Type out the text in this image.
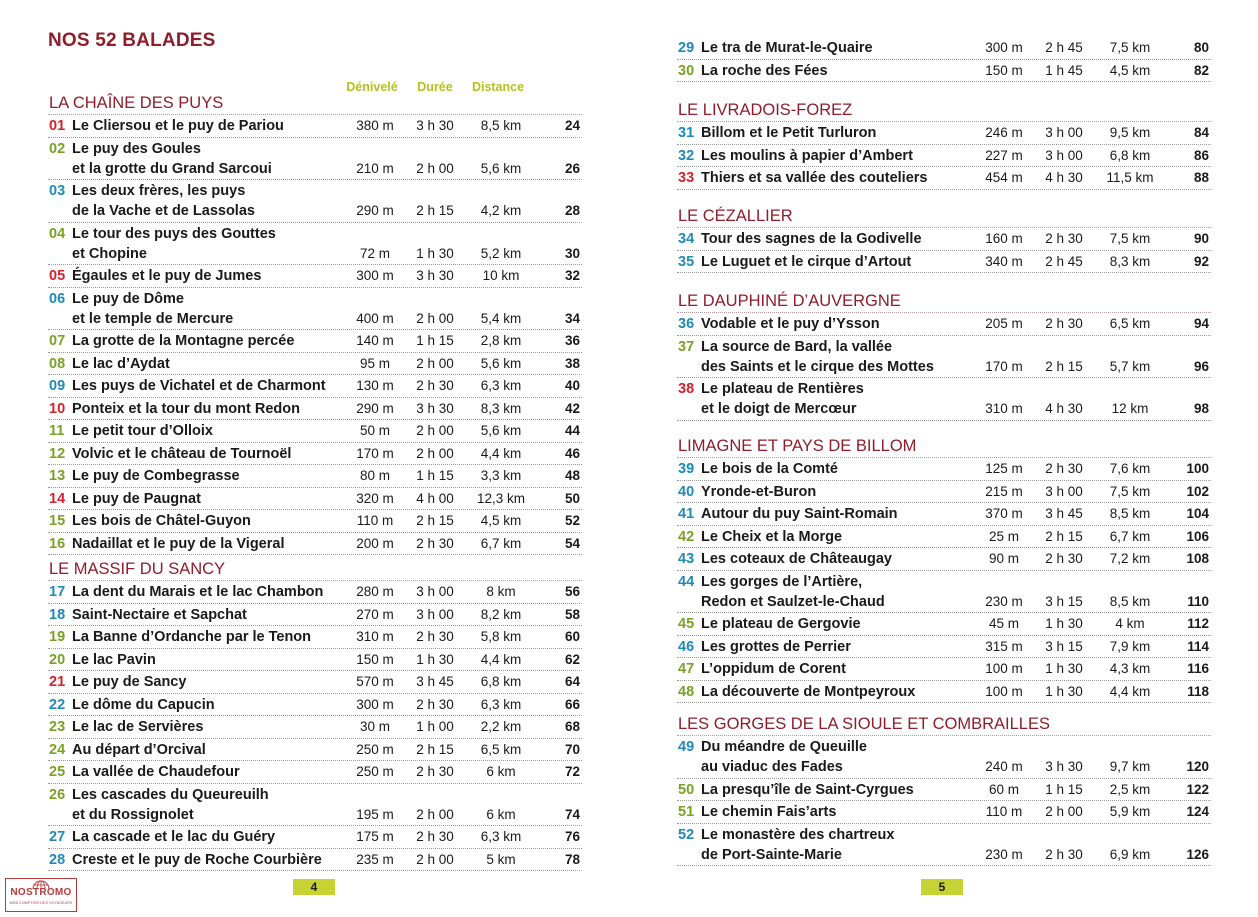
NOS 52 BALADES
Dénivelé	Durée	Distance
4
NOSTROMO
WEB COMPTOIR DES VOYAGEURS
LA CHAÎNE DES PUYS
01 Le Cliersou et le puy de Pariou	380 m	3 h 30	8,5 km	24
02 Le puy des Goules
et la grotte du Grand Sarcoui	210 m	2 h 00	5,6 km	26
03 Les deux frères, les puys
de la Vache et de Lassolas	290 m	2 h 15	4,2 km	28
04 Le tour des puys des Gouttes
et Chopine	72 m	1 h 30	5,2 km	30
05 Égaules et le puy de Jumes	300 m	3 h 30	10 km	32
06 Le puy de Dôme
et le temple de Mercure	400 m	2 h 00	5,4 km	34
07 La grotte de la Montagne percée	140 m	1 h 15	2,8 km	36
08 Le lac d’Aydat	95 m	2 h 00	5,6 km	38
09 Les puys de Vichatel et de Charmont	130 m	2 h 30	6,3 km	40
10 Ponteix et la tour du mont Redon	290 m	3 h 30	8,3 km	42
11 Le petit tour d’Olloix	50 m	2 h 00	5,6 km	44
12 Volvic et le château de Tournoël	170 m	2 h 00	4,4 km	46
13 Le puy de Combegrasse	80 m	1 h 15	3,3 km	48
14 Le puy de Paugnat	320 m	4 h 00	12,3 km	50
15 Les bois de Châtel-Guyon	110 m	2 h 15	4,5 km	52
16 Nadaillat et le puy de la Vigeral	200 m	2 h 30	6,7 km	54
LE MASSIF DU SANCY
17 La dent du Marais et le lac Chambon	280 m	3 h 00	8 km	56
18 Saint-Nectaire et Sapchat	270 m	3 h 00	8,2 km	58
19 La Banne d’Ordanche par le Tenon	310 m	2 h 30	5,8 km	60
20 Le lac Pavin	150 m	1 h 30	4,4 km	62
21 Le puy de Sancy	570 m	3 h 45	6,8 km	64
22 Le dôme du Capucin	300 m	2 h 30	6,3 km	66
23 Le lac de Servières	30 m	1 h 00	2,2 km	68
24 Au départ d’Orcival	250 m	2 h 15	6,5 km	70
25 La vallée de Chaudefour	250 m	2 h 30	6 km	72
26 Les cascades du Queureuilh
et du Rossignolet	195 m	2 h 00	6 km	74
27 La cascade et le lac du Guéry	175 m	2 h 30	6,3 km	76
28 Creste et le puy de Roche Courbière	235 m	2 h 00	5 km	78
5
29 Le tra de Murat-le-Quaire	300 m	2 h 45	7,5 km	80
30 La roche des Fées	150 m	1 h 45	4,5 km	82
LE LIVRADOIS-FOREZ
31 Billom et le Petit Turluron	246 m	3 h 00	9,5 km	84
32 Les moulins à papier d’Ambert	227 m	3 h 00	6,8 km	86
33 Thiers et sa vallée des couteliers	454 m	4 h 30	11,5 km	88
LE CÉZALLIER
34 Tour des sagnes de la Godivelle	160 m	2 h 30	7,5 km	90
35 Le Luguet et le cirque d’Artout	340 m	2 h 45	8,3 km	92
LE DAUPHINÉ D’AUVERGNE
36 Vodable et le puy d’Ysson	205 m	2 h 30	6,5 km	94
37 La source de Bard, la vallée
des Saints et le cirque des Mottes	170 m	2 h 15	5,7 km	96
38 Le plateau de Rentières
et le doigt de Mercœur	310 m	4 h 30	12 km	98
LIMAGNE ET PAYS DE BILLOM
39 Le bois de la Comté	125 m	2 h 30	7,6 km	100
40 Yronde-et-Buron	215 m	3 h 00	7,5 km	102
41 Autour du puy Saint-Romain	370 m	3 h 45	8,5 km	104
42 Le Cheix et la Morge	25 m	2 h 15	6,7 km	106
43 Les coteaux de Châteaugay	90 m	2 h 30	7,2 km	108
44 Les gorges de l’Artière,
Redon et Saulzet-le-Chaud	230 m	3 h 15	8,5 km	110
45 Le plateau de Gergovie	45 m	1 h 30	4 km	112
46 Les grottes de Perrier	315 m	3 h 15	7,9 km	114
47 L’oppidum de Corent	100 m	1 h 30	4,3 km	116
48 La découverte de Montpeyroux	100 m	1 h 30	4,4 km	118
LES GORGES DE LA SIOULE ET COMBRAILLES
49 Du méandre de Queuille
au viaduc des Fades	240 m	3 h 30	9,7 km	120
50 La presqu’île de Saint-Cyrgues	60 m	1 h 15	2,5 km	122
51 Le chemin Fais’arts	110 m	2 h 00	5,9 km	124
52 Le monastère des chartreux
de Port-Sainte-Marie	230 m	2 h 30	6,9 km	126
